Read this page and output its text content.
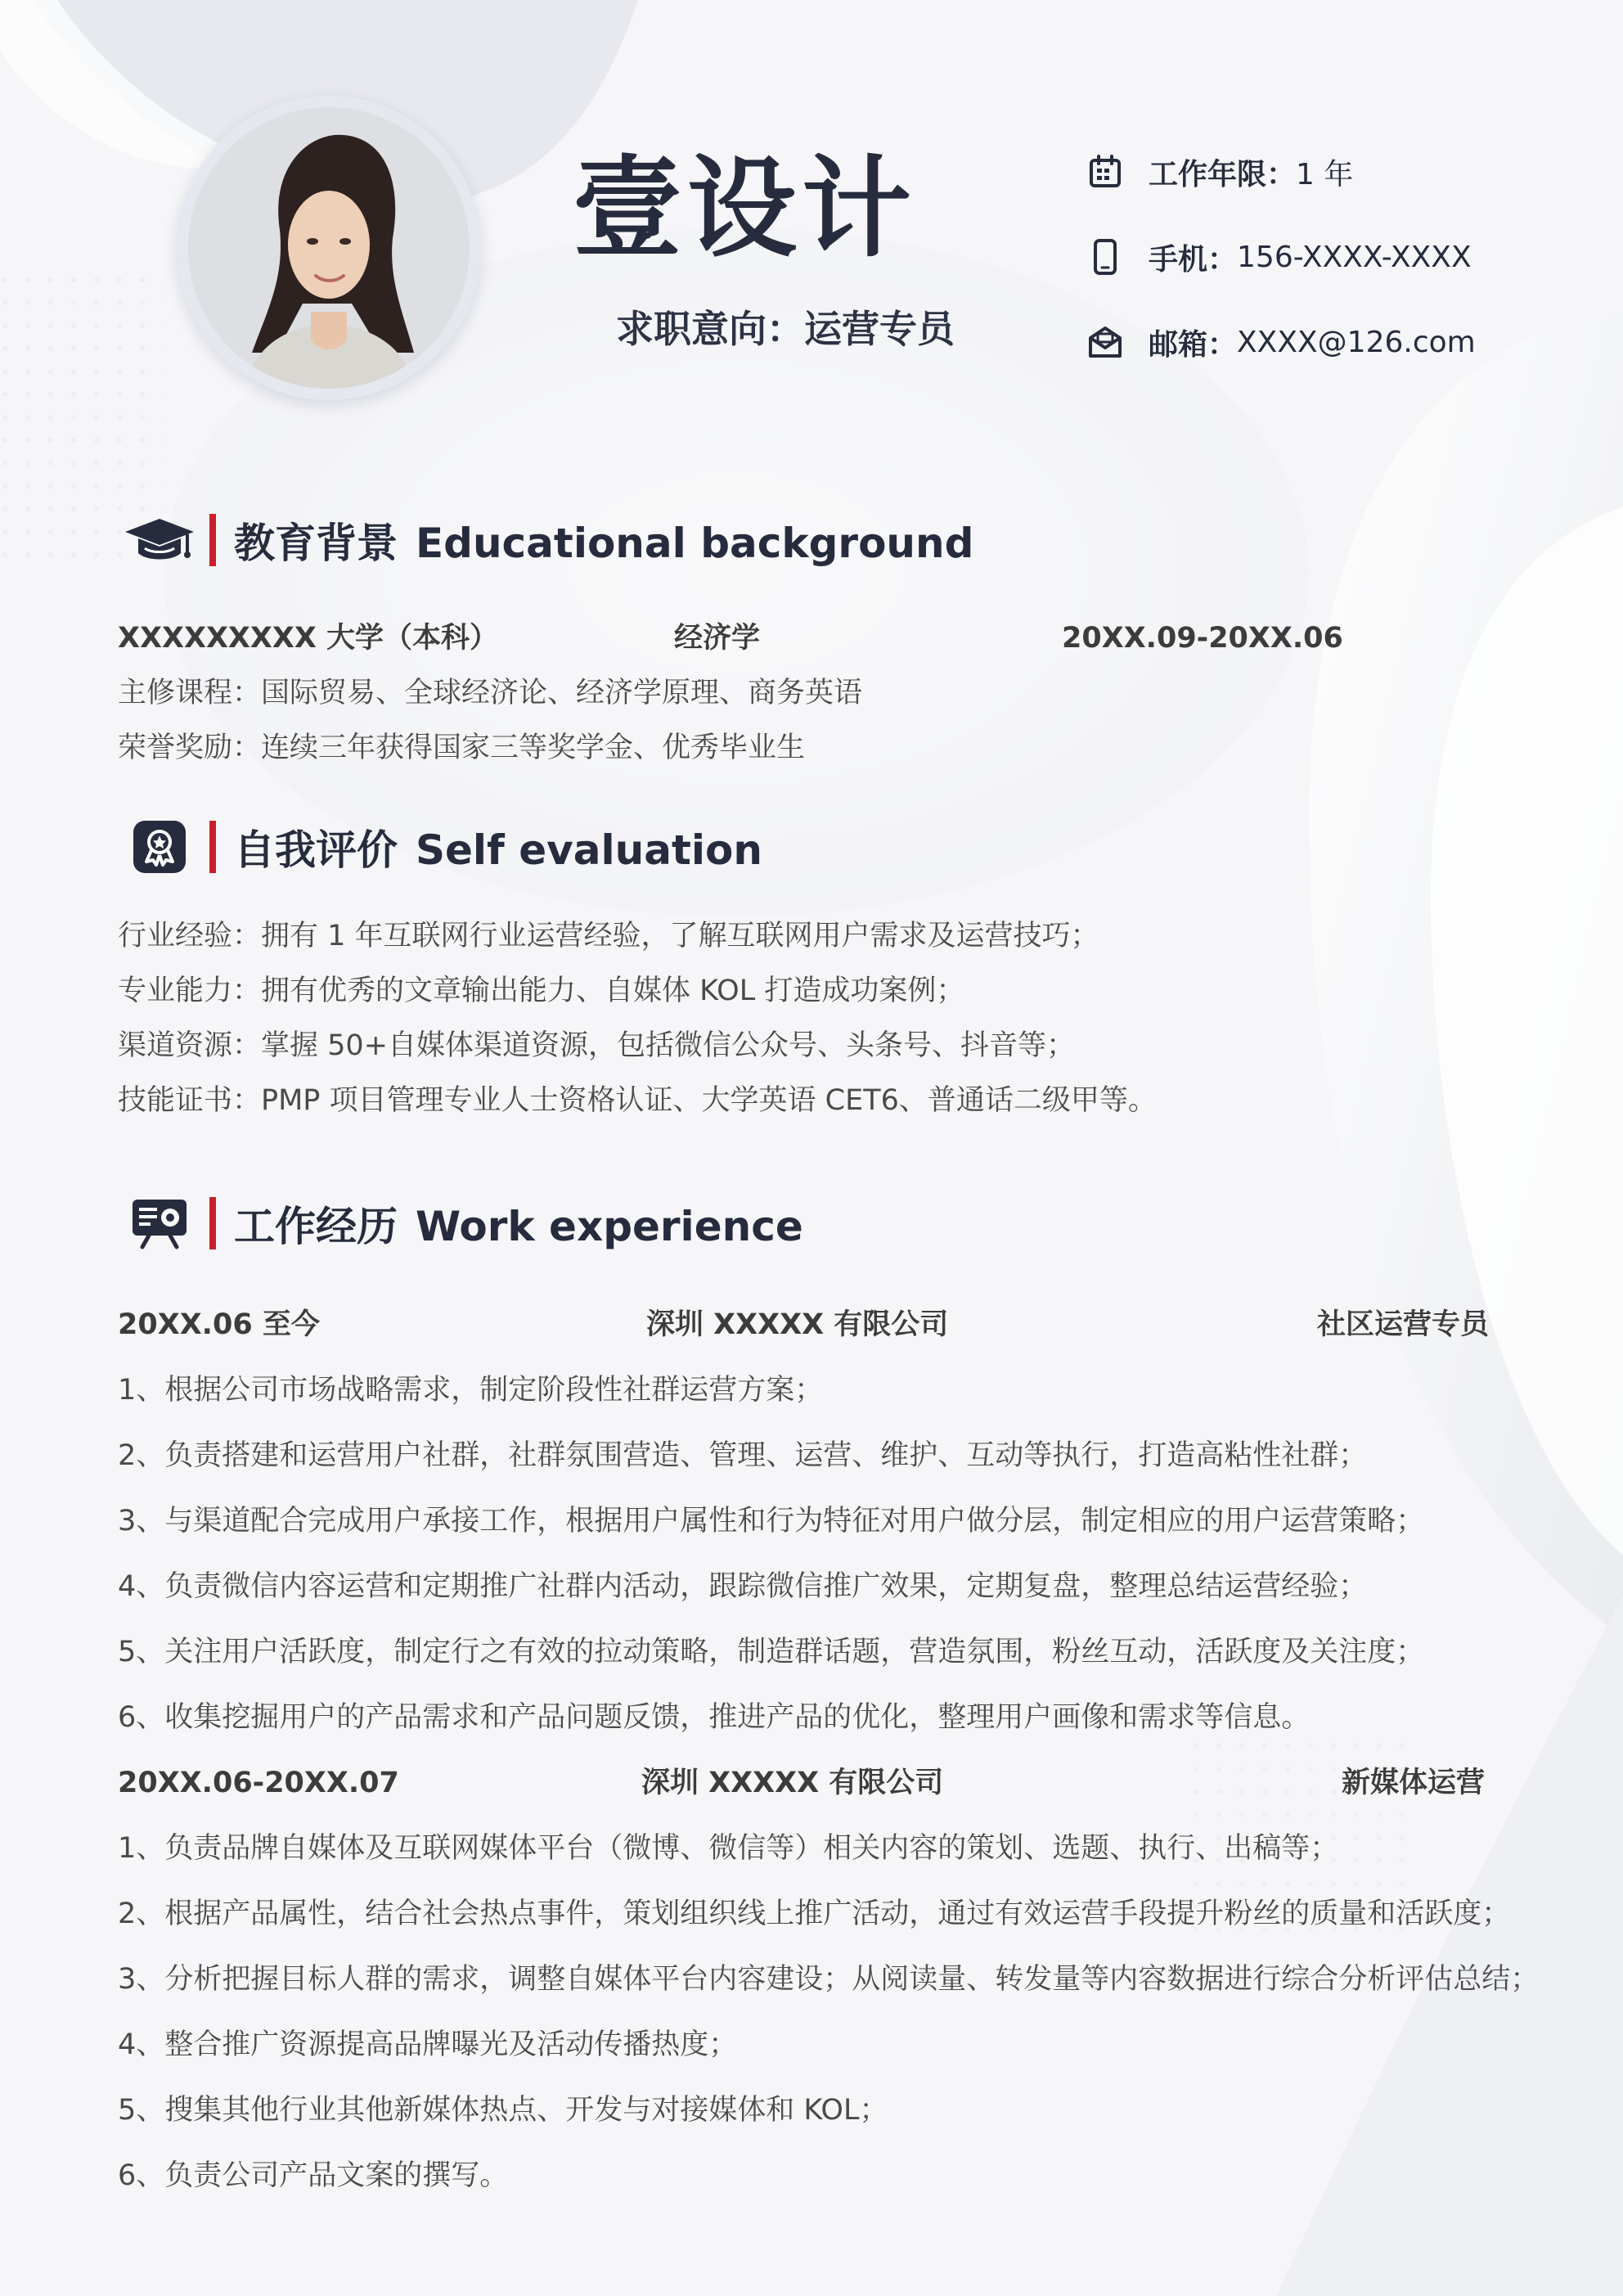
壹设计
求职意向：运营专员
工作年限： 1 年
手机： 156-XXXX-XXXX
邮箱： XXXX@126.com
教育背景 Educational background
XXXXXXXXX 大学（本科）	经济学	20XX.09-20XX.06
主修课程：国际贸易、全球经济论、经济学原理、商务英语
荣誉奖励：连续三年获得国家三等奖学金、优秀毕业生
自我评价 Self evaluation
行业经验：拥有 1 年互联网行业运营经验，了解互联网用户需求及运营技巧；
专业能力：拥有优秀的文章输出能力、自媒体 KOL 打造成功案例；
渠道资源：掌握 50+自媒体渠道资源，包括微信公众号、头条号、抖音等；
技能证书：PMP 项目管理专业人士资格认证、大学英语 CET6、普通话二级甲等。
工作经历 Work experience
20XX.06 至今	深圳 XXXXX 有限公司	社区运营专员
1、根据公司市场战略需求，制定阶段性社群运营方案；
2、负责搭建和运营用户社群，社群氛围营造、管理、运营、维护、互动等执行，打造高粘性社群；
3、与渠道配合完成用户承接工作，根据用户属性和行为特征对用户做分层，制定相应的用户运营策略；
4、负责微信内容运营和定期推广社群内活动，跟踪微信推广效果，定期复盘，整理总结运营经验；
5、关注用户活跃度，制定行之有效的拉动策略，制造群话题，营造氛围，粉丝互动，活跃度及关注度；
6、收集挖掘用户的产品需求和产品问题反馈，推进产品的优化，整理用户画像和需求等信息。
20XX.06-20XX.07	深圳 XXXXX 有限公司	新媒体运营
1、负责品牌自媒体及互联网媒体平台（微博、微信等）相关内容的策划、选题、执行、出稿等；
2、根据产品属性，结合社会热点事件，策划组织线上推广活动，通过有效运营手段提升粉丝的质量和活跃度；
3、分析把握目标人群的需求，调整自媒体平台内容建设；从阅读量、转发量等内容数据进行综合分析评估总结；
4、整合推广资源提高品牌曝光及活动传播热度；
5、搜集其他行业其他新媒体热点、开发与对接媒体和 KOL；
6、负责公司产品文案的撰写。
